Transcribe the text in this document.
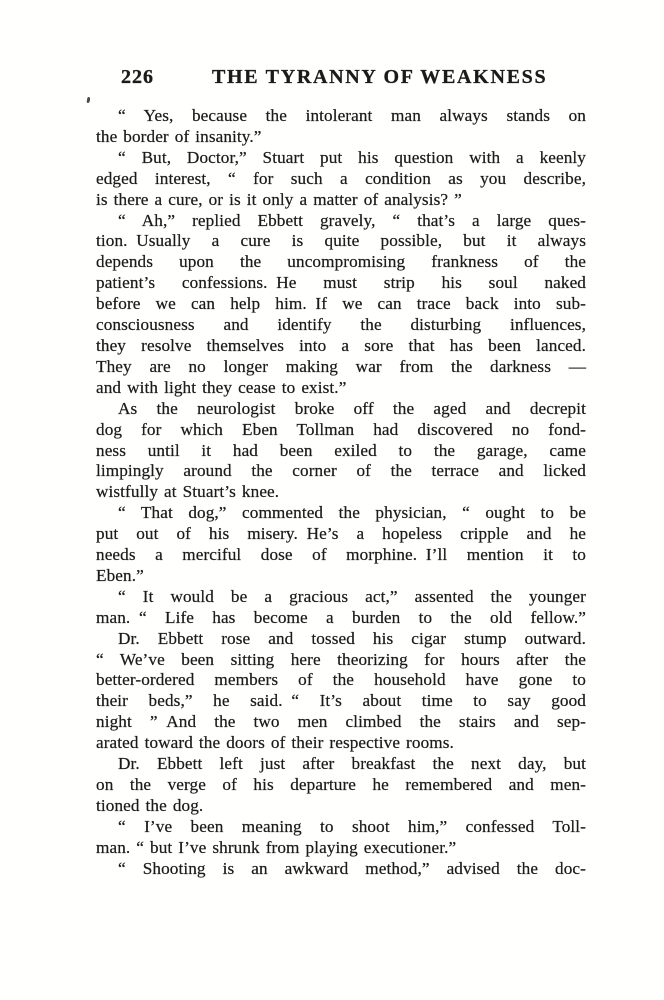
226	THE TYRANNY OF WEAKNESS

“ Yes, because the intolerant man always stands on
the border of insanity.”

“ But, Doctor,” Stuart put his question with a keenly
edged interest, “ for such a condition as you describe,
is there a cure, or is it only a matter of analysis? ”

“ Ah,” replied Ebbett gravely, “ that’s a large ques-
tion. Usually a cure is quite possible, but it always
depends upon the uncompromising frankness of the
patient’s confessions. He must strip his soul naked
before we can help him. If we can trace back into sub-
consciousness and identify the disturbing influences,
they resolve themselves into a sore that has been lanced.
They are no longer making war from the darkness —
and with light they cease to exist.”

As the neurologist broke off the aged and decrepit
dog for which Eben Tollman had discovered no fond-
ness until it had been exiled to the garage, came
limpingly around the corner of the terrace and licked
wistfully at Stuart’s knee.

“ That dog,” commented the physician, “ ought to be
put out of his misery. He’s a hopeless cripple and he
needs a merciful dose of morphine. I’ll mention it to
Eben.”

“ It would be a gracious act,” assented the younger
man. “ Life has become a burden to the old fellow.”

Dr. Ebbett rose and tossed his cigar stump outward.
“ We’ve been sitting here theorizing for hours after the
better-ordered members of the household have gone to
their beds,” he said. “ It’s about time to say good
night ” And the two men climbed the stairs and sep-
arated toward the doors of their respective rooms.

Dr. Ebbett left just after breakfast the next day, but
on the verge of his departure he remembered and men-
tioned the dog.

“ I’ve been meaning to shoot him,” confessed Toll-
man. “ but I’ve shrunk from playing executioner.”

“ Shooting is an awkward method,” advised the doc-
